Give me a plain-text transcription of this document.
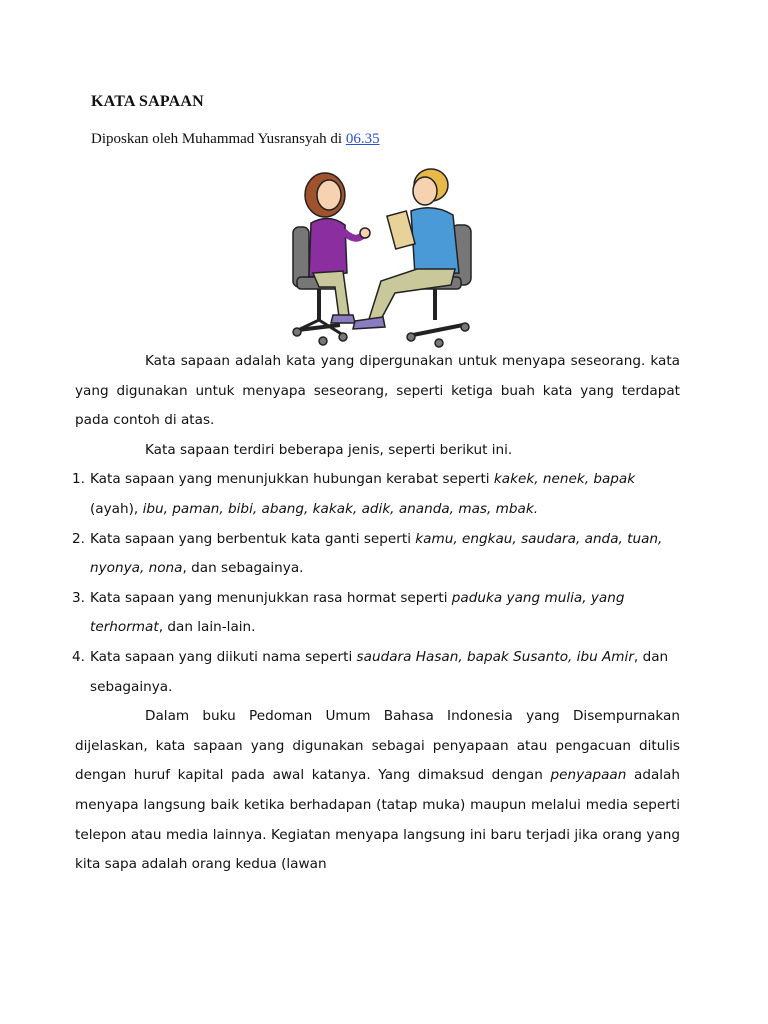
KATA SAPAAN
Diposkan oleh Muhammad Yusransyah di 06.35

Kata sapaan adalah kata yang dipergunakan untuk menyapa seseorang. kata yang digunakan untuk menyapa seseorang, seperti ketiga buah kata yang terdapat pada contoh di atas.

Kata sapaan terdiri beberapa jenis, seperti berikut ini.

1. Kata sapaan yang menunjukkan hubungan kerabat seperti kakek, nenek, bapak (ayah), ibu, paman, bibi, abang, kakak, adik, ananda, mas, mbak.
2. Kata sapaan yang berbentuk kata ganti seperti kamu, engkau, saudara, anda, tuan, nyonya, nona, dan sebagainya.
3. Kata sapaan yang menunjukkan rasa hormat seperti paduka yang mulia, yang terhormat, dan lain-lain.
4. Kata sapaan yang diikuti nama seperti saudara Hasan, bapak Susanto, ibu Amir, dan sebagainya.

Dalam buku Pedoman Umum Bahasa Indonesia yang Disempurnakan dijelaskan, kata sapaan yang digunakan sebagai penyapaan atau pengacuan ditulis dengan huruf kapital pada awal katanya. Yang dimaksud dengan penyapaan adalah menyapa langsung baik ketika berhadapan (tatap muka) maupun melalui media seperti telepon atau media lainnya. Kegiatan menyapa langsung ini baru terjadi jika orang yang kita sapa adalah orang kedua (lawan
